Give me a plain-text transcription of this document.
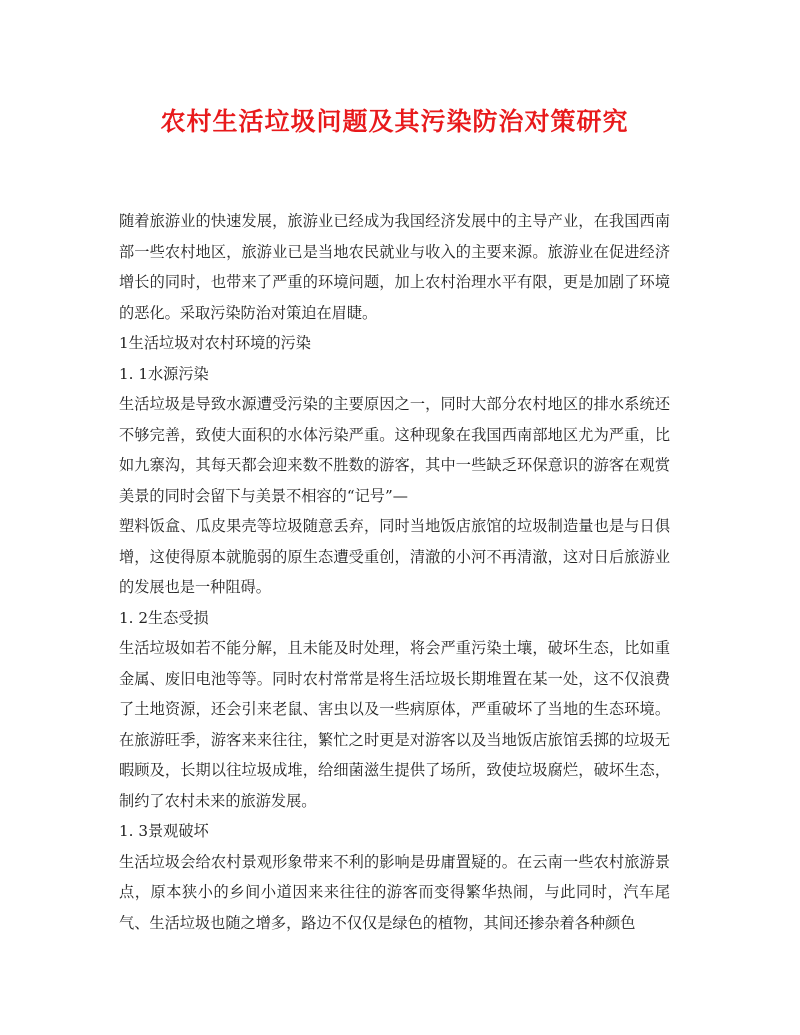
农村生活垃圾问题及其污染防治对策研究

随着旅游业的快速发展，旅游业已经成为我国经济发展中的主导产业，在我国西南部一些农村地区，旅游业已是当地农民就业与收入的主要来源。旅游业在促进经济增长的同时，也带来了严重的环境问题，加上农村治理水平有限，更是加剧了环境的恶化。采取污染防治对策迫在眉睫。

1生活垃圾对农村环境的污染
1. 1水源污染

生活垃圾是导致水源遭受污染的主要原因之一，同时大部分农村地区的排水系统还不够完善，致使大面积的水体污染严重。这种现象在我国西南部地区尤为严重，比如九寨沟，其每天都会迎来数不胜数的游客，其中一些缺乏环保意识的游客在观赏美景的同时会留下与美景不相容的“记号”—

塑料饭盒、瓜皮果壳等垃圾随意丢弃，同时当地饭店旅馆的垃圾制造量也是与日俱增，这使得原本就脆弱的原生态遭受重创，清澈的小河不再清澈，这对日后旅游业的发展也是一种阻碍。

1. 2生态受损

生活垃圾如若不能分解，且未能及时处理，将会严重污染土壤，破坏生态，比如重金属、废旧电池等等。同时农村常常是将生活垃圾长期堆置在某一处，这不仅浪费了土地资源，还会引来老鼠、害虫以及一些病原体，严重破坏了当地的生态环境。在旅游旺季，游客来来往往，繁忙之时更是对游客以及当地饭店旅馆丢掷的垃圾无暇顾及，长期以往垃圾成堆，给细菌滋生提供了场所，致使垃圾腐烂，破坏生态，制约了农村未来的旅游发展。

1. 3景观破坏

生活垃圾会给农村景观形象带来不利的影响是毋庸置疑的。在云南一些农村旅游景点，原本狭小的乡间小道因来来往往的游客而变得繁华热闹，与此同时，汽车尾气、生活垃圾也随之增多，路边不仅仅是绿色的植物，其间还掺杂着各种颜色
